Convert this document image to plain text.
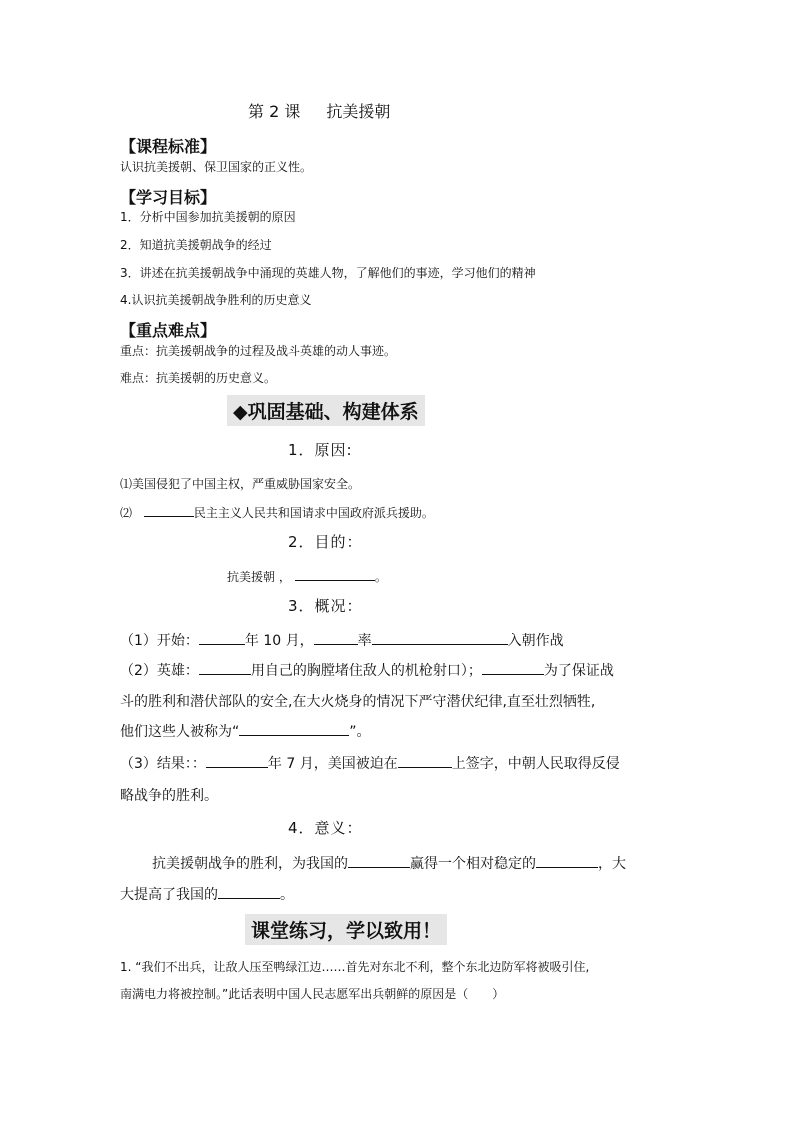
第 2 课 抗美援朝
【课程标准】
认识抗美援朝、保卫国家的正义性。
【学习目标】
1．分析中国参加抗美援朝的原因
2．知道抗美援朝战争的经过
3．讲述在抗美援朝战争中涌现的英雄人物，了解他们的事迹，学习他们的精神
4.认识抗美援朝战争胜利的历史意义
【重点难点】
重点：抗美援朝战争的过程及战斗英雄的动人事迹。
难点：抗美援朝的历史意义。
◆巩固基础、构建体系
1．原因:
⑴美国侵犯了中国主权，严重威胁国家安全。
⑵	民主主义人民共和国请求中国政府派兵援助。
2．目的：
抗美援朝 ，	。
3．概况：
（1）开始：	年 10 月，	率	入朝作战
（2）英雄：	用自己的胸膛堵住敌人的机枪射口）；	为了保证战
斗的胜利和潜伏部队的安全,在大火烧身的情况下严守潜伏纪律,直至壮烈牺牲,
他们这些人被称为“	”。
（3）结果：：	年 7 月，美国被迫在	上签字，中朝人民取得反侵
略战争的胜利。
4．意义：
抗美援朝战争的胜利，为我国的	赢得一个相对稳定的	，大
大提高了我国的	。
课堂练习，学以致用！
1. “我们不出兵，让敌人压至鸭绿江边……首先对东北不利，整个东北边防军将被吸引住,
南满电力将被控制。”此话表明中国人民志愿军出兵朝鲜的原因是（　　）
